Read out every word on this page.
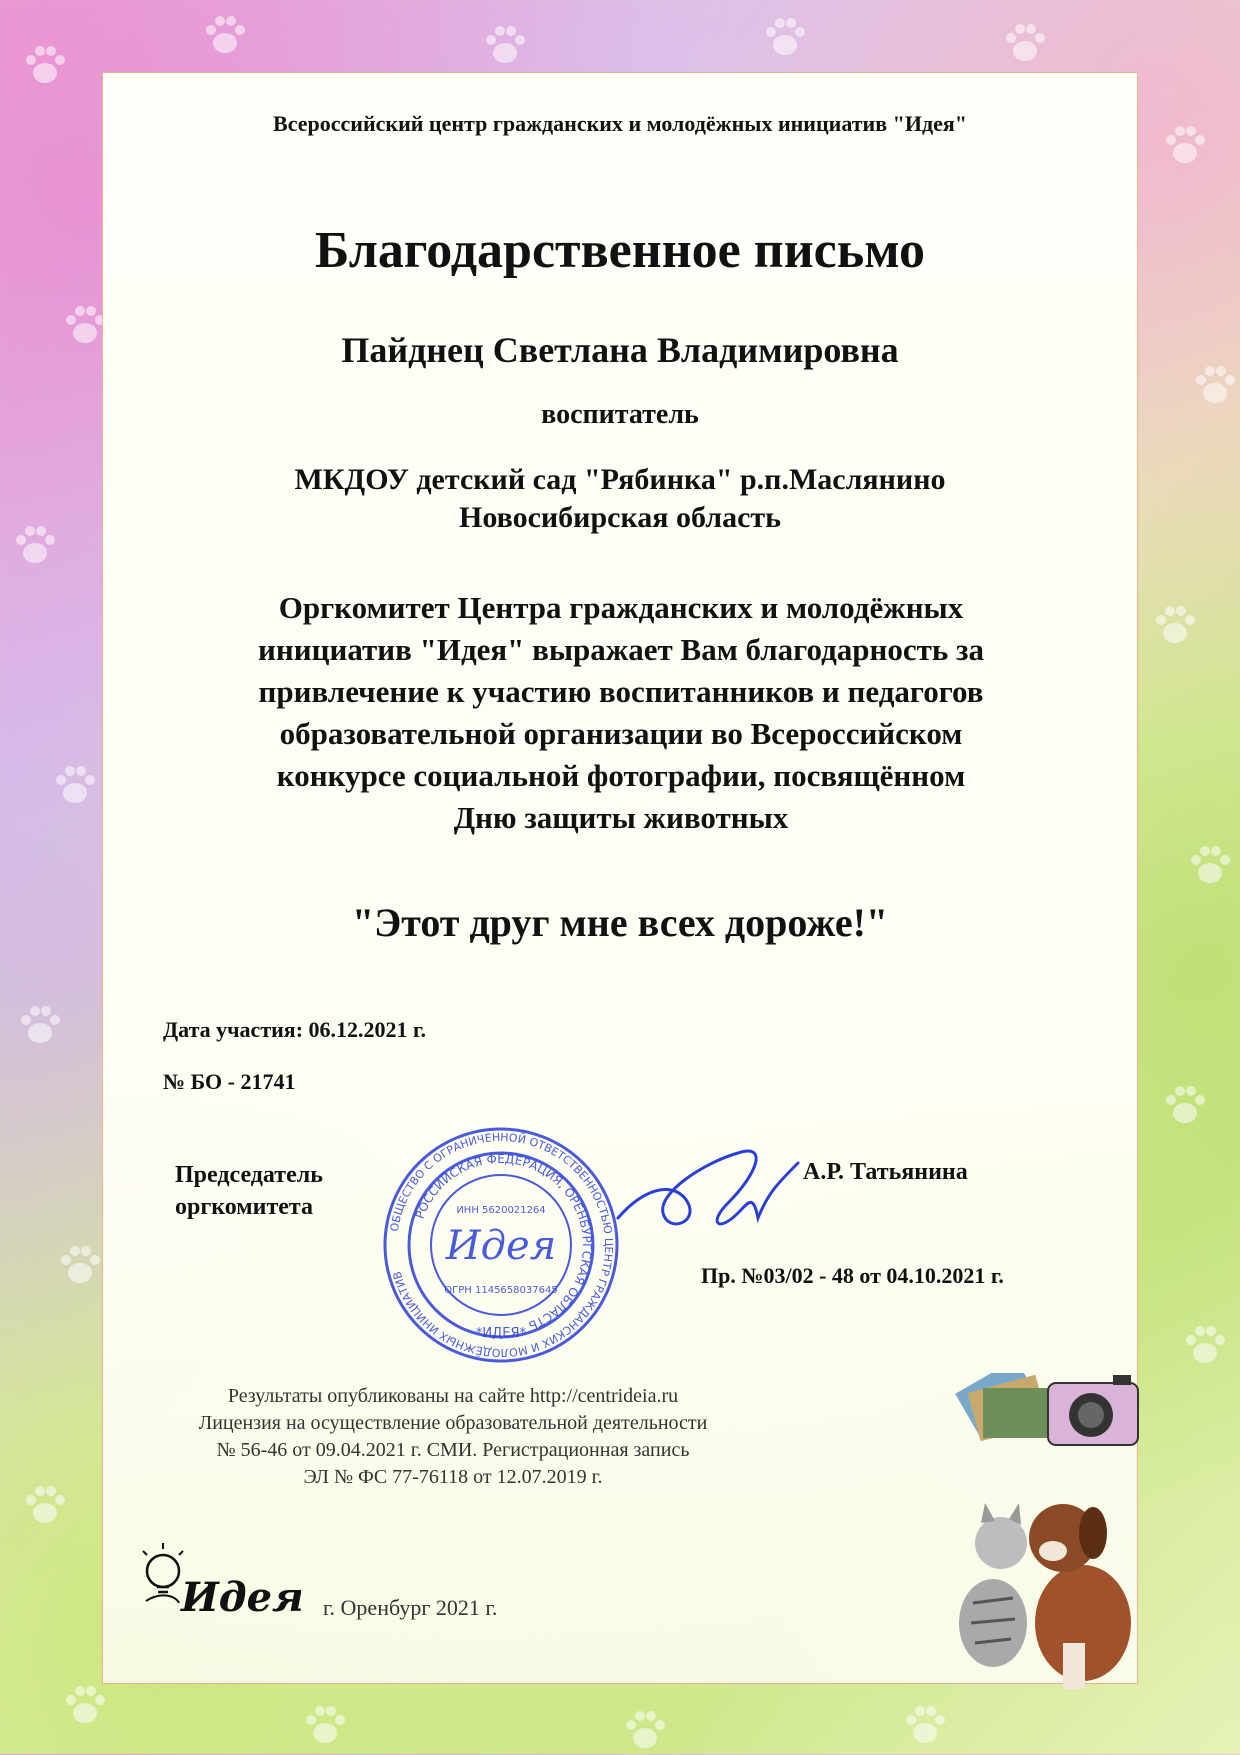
Всероссийский центр гражданских и молодёжных инициатив "Идея"
Благодарственное письмо
Пайднец Светлана Владимировна
воспитатель
МКДОУ детский сад "Рябинка" р.п.Маслянино
Новосибирская область
Оргкомитет Центра гражданских и молодёжных
инициатив "Идея" выражает Вам благодарность за
привлечение к участию воспитанников и педагогов
образовательной организации во Всероссийском
конкурсе социальной фотографии, посвящённом
Дню защиты животных
"Этот друг мне всех дороже!"
Дата участия: 06.12.2021 г.
№ БО - 21741
Председатель
оргкомитета
А.Р. Татьянина
Пр. №03/02 - 48 от 04.10.2021 г.
ОБЩЕСТВО С ОГРАНИЧЕННОЙ ОТВЕТСТВЕННОСТЬЮ ЦЕНТР ГРАЖДАНСКИХ И МОЛОДЁЖНЫХ ИНИЦИАТИВ
РОССИЙСКАЯ ФЕДЕРАЦИЯ, ОРЕНБУРГСКАЯ ОБЛАСТЬ
ИНН 5620021264
ОГРН 1145658037645
*ИДЕЯ*
Идея
Результаты опубликованы на сайте http://centrideia.ru
Лицензия на осуществление образовательной деятельности
№ 56-46 от 09.04.2021 г. СМИ. Регистрационная запись
ЭЛ № ФС 77-76118 от 12.07.2019 г.
г. Оренбург 2021 г.
Идея
